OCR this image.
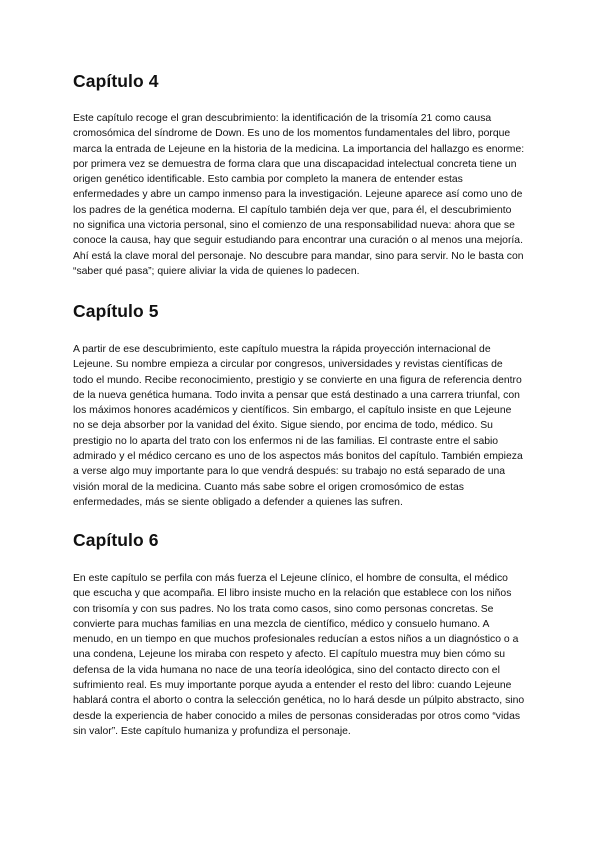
Capítulo 4

Este capítulo recoge el gran descubrimiento: la identificación de la trisomía 21 como causa cromosómica del síndrome de Down. Es uno de los momentos fundamentales del libro, porque marca la entrada de Lejeune en la historia de la medicina. La importancia del hallazgo es enorme: por primera vez se demuestra de forma clara que una discapacidad intelectual concreta tiene un origen genético identificable. Esto cambia por completo la manera de entender estas enfermedades y abre un campo inmenso para la investigación. Lejeune aparece así como uno de los padres de la genética moderna. El capítulo también deja ver que, para él, el descubrimiento no significa una victoria personal, sino el comienzo de una responsabilidad nueva: ahora que se conoce la causa, hay que seguir estudiando para encontrar una curación o al menos una mejoría. Ahí está la clave moral del personaje. No descubre para mandar, sino para servir. No le basta con “saber qué pasa”; quiere aliviar la vida de quienes lo padecen.

Capítulo 5

A partir de ese descubrimiento, este capítulo muestra la rápida proyección internacional de Lejeune. Su nombre empieza a circular por congresos, universidades y revistas científicas de todo el mundo. Recibe reconocimiento, prestigio y se convierte en una figura de referencia dentro de la nueva genética humana. Todo invita a pensar que está destinado a una carrera triunfal, con los máximos honores académicos y científicos. Sin embargo, el capítulo insiste en que Lejeune no se deja absorber por la vanidad del éxito. Sigue siendo, por encima de todo, médico. Su prestigio no lo aparta del trato con los enfermos ni de las familias. El contraste entre el sabio admirado y el médico cercano es uno de los aspectos más bonitos del capítulo. También empieza a verse algo muy importante para lo que vendrá después: su trabajo no está separado de una visión moral de la medicina. Cuanto más sabe sobre el origen cromosómico de estas enfermedades, más se siente obligado a defender a quienes las sufren.

Capítulo 6

En este capítulo se perfila con más fuerza el Lejeune clínico, el hombre de consulta, el médico que escucha y que acompaña. El libro insiste mucho en la relación que establece con los niños con trisomía y con sus padres. No los trata como casos, sino como personas concretas. Se convierte para muchas familias en una mezcla de científico, médico y consuelo humano. A menudo, en un tiempo en que muchos profesionales reducían a estos niños a un diagnóstico o a una condena, Lejeune los miraba con respeto y afecto. El capítulo muestra muy bien cómo su defensa de la vida humana no nace de una teoría ideológica, sino del contacto directo con el sufrimiento real. Es muy importante porque ayuda a entender el resto del libro: cuando Lejeune hablará contra el aborto o contra la selección genética, no lo hará desde un púlpito abstracto, sino desde la experiencia de haber conocido a miles de personas consideradas por otros como “vidas sin valor”. Este capítulo humaniza y profundiza el personaje.
